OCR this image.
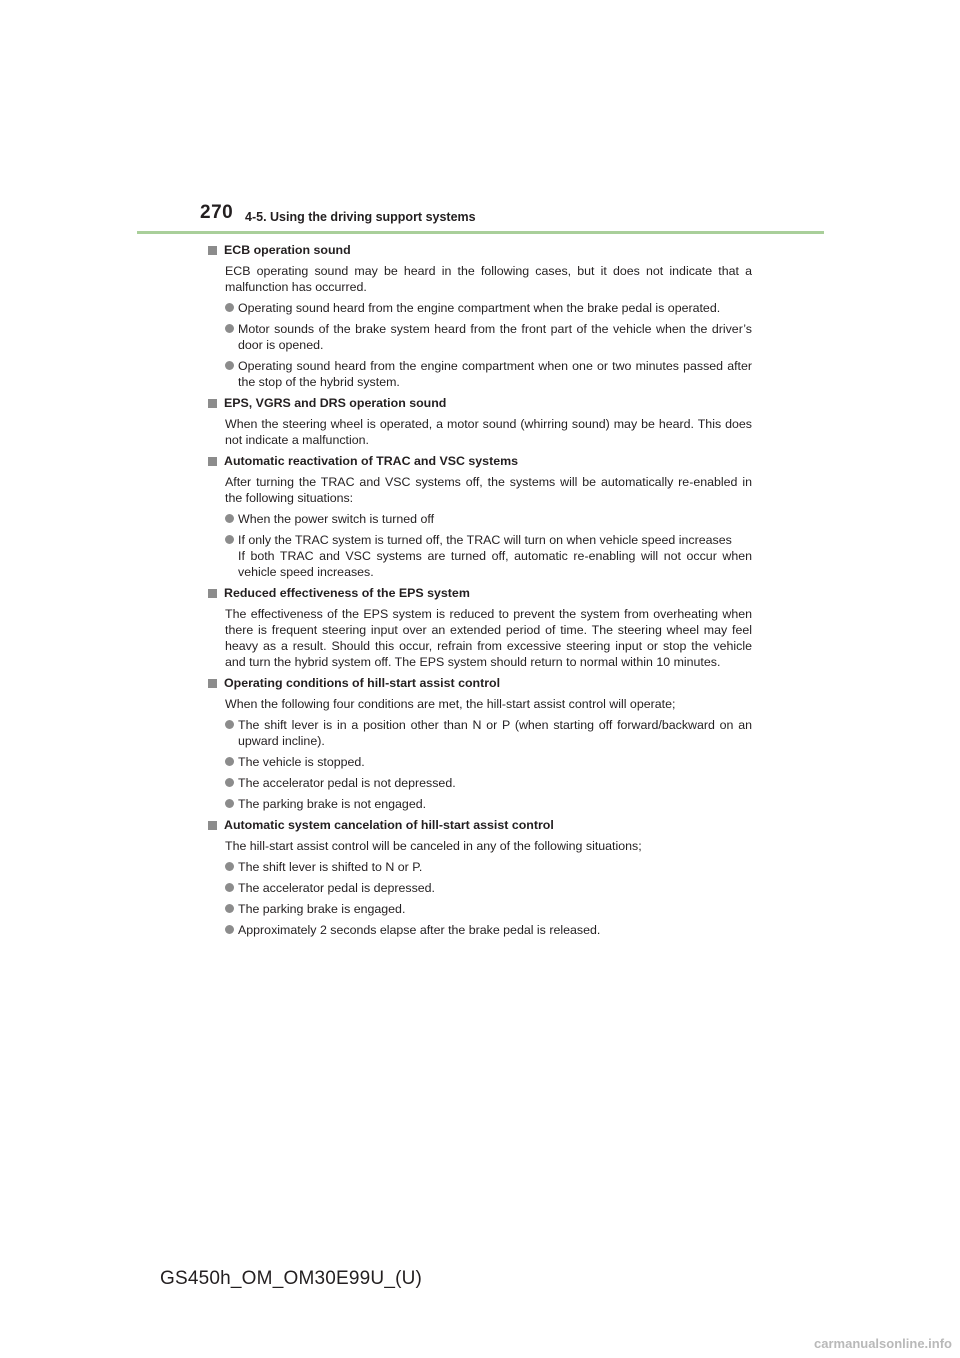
270 4-5. Using the driving support systems
ECB operation sound
ECB operating sound may be heard in the following cases, but it does not indicate that a malfunction has occurred.
Operating sound heard from the engine compartment when the brake pedal is operated.
Motor sounds of the brake system heard from the front part of the vehicle when the driver’s door is opened.
Operating sound heard from the engine compartment when one or two minutes passed after the stop of the hybrid system.
EPS, VGRS and DRS operation sound
When the steering wheel is operated, a motor sound (whirring sound) may be heard. This does not indicate a malfunction.
Automatic reactivation of TRAC and VSC systems
After turning the TRAC and VSC systems off, the systems will be automatically re-enabled in the following situations:
When the power switch is turned off
If only the TRAC system is turned off, the TRAC will turn on when vehicle speed increases
If both TRAC and VSC systems are turned off, automatic re-enabling will not occur when vehicle speed increases.
Reduced effectiveness of the EPS system
The effectiveness of the EPS system is reduced to prevent the system from overheating when there is frequent steering input over an extended period of time. The steering wheel may feel heavy as a result. Should this occur, refrain from excessive steering input or stop the vehicle and turn the hybrid system off. The EPS system should return to normal within 10 minutes.
Operating conditions of hill-start assist control
When the following four conditions are met, the hill-start assist control will operate;
The shift lever is in a position other than N or P (when starting off forward/backward on an upward incline).
The vehicle is stopped.
The accelerator pedal is not depressed.
The parking brake is not engaged.
Automatic system cancelation of hill-start assist control
The hill-start assist control will be canceled in any of the following situations;
The shift lever is shifted to N or P.
The accelerator pedal is depressed.
The parking brake is engaged.
Approximately 2 seconds elapse after the brake pedal is released.
GS450h_OM_OM30E99U_(U)
carmanualsonline.info
